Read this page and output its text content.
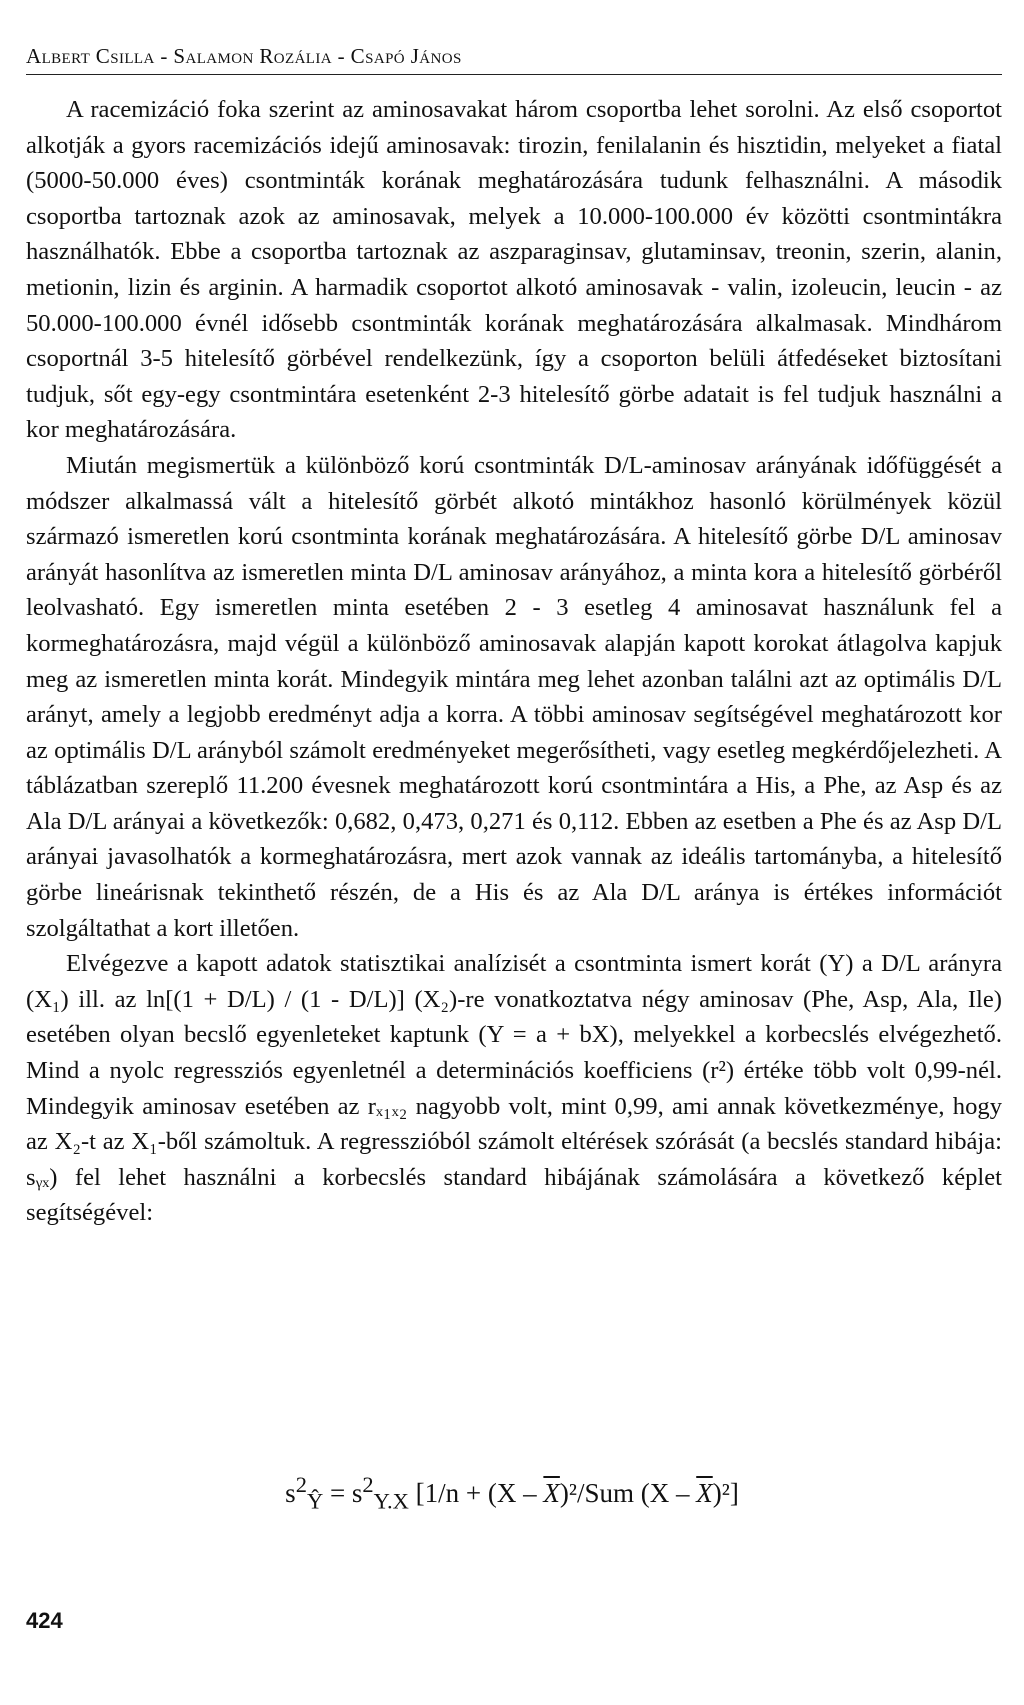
Albert Csilla - Salamon Rozália - Csapó János

A racemizáció foka szerint az aminosavakat három csoportba lehet sorolni. Az első csoportot alkotják a gyors racemizációs idejű aminosavak: tirozin, fenilalanin és hisztidin, melyeket a fiatal (5000-50.000 éves) csontminták korának meghatározására tudunk felhasználni. A második csoportba tartoznak azok az aminosavak, melyek a 10.000-100.000 év közötti csontmintákra használhatók. Ebbe a csoportba tartoznak az aszparaginsav, glutaminsav, treonin, szerin, alanin, metionin, lizin és arginin. A harmadik csoportot alkotó aminosavak - valin, izoleucin, leucin - az 50.000-100.000 évnél idősebb csontminták korának meghatározására alkalmasak. Mindhárom csoportnál 3-5 hitelesítő görbével rendelkezünk, így a csoporton belüli átfedéseket biztosítani tudjuk, sőt egy-egy csontmintára esetenként 2-3 hitelesítő görbe adatait is fel tudjuk használni a kor meghatározására.

Miután megismertük a különböző korú csontminták D/L-aminosav arányának időfüggését a módszer alkalmassá vált a hitelesítő görbét alkotó mintákhoz hasonló körülmények közül származó ismeretlen korú csontminta korának meghatározására. A hitelesítő görbe D/L aminosav arányát hasonlítva az ismeretlen minta D/L aminosav arányához, a minta kora a hitelesítő görbéről leolvasható. Egy ismeretlen minta esetében 2 - 3 esetleg 4 aminosavat használunk fel a kormeghatározásra, majd végül a különböző aminosavak alapján kapott korokat átlagolva kapjuk meg az ismeretlen minta korát. Mindegyik mintára meg lehet azonban találni azt az optimális D/L arányt, amely a legjobb eredményt adja a korra. A többi aminosav segítségével meghatározott kor az optimális D/L arányból számolt eredményeket megerősítheti, vagy esetleg megkérdőjelezheti. A táblázatban szereplő 11.200 évesnek meghatározott korú csontmintára a His, a Phe, az Asp és az Ala D/L arányai a következők: 0,682, 0,473, 0,271 és 0,112. Ebben az esetben a Phe és az Asp D/L arányai javasolhatók a kormeghatározásra, mert azok vannak az ideális tartományba, a hitelesítő görbe lineárisnak tekinthető részén, de a His és az Ala D/L aránya is értékes információt szolgáltathat a kort illetően.

Elvégezve a kapott adatok statisztikai analízisét a csontminta ismert korát (Y) a D/L arányra (X₁) ill. az ln[(1 + D/L) / (1 - D/L)] (X₂)-re vonatkoztatva négy aminosav (Phe, Asp, Ala, Ile) esetében olyan becslő egyenleteket kaptunk (Y = a + bX), melyekkel a korbecslés elvégezhető. Mind a nyolc regressziós egyenletnél a determinációs koefficiens (r²) értéke több volt 0,99-nél. Mindegyik aminosav esetében az rₓ₁ₓ₂ nagyobb volt, mint 0,99, ami annak következménye, hogy az X₂-t az X₁-ből számoltuk. A regresszióból számolt eltérések szórását (a becslés standard hibája: sᵧₓ) fel lehet használni a korbecslés standard hibájának számolására a következő képlet segítségével:

$s^2_Ŷ = s^2_{Y.X}$ [$1/n + (X - \overline{X})^2$/Sum $(X - \overline{X})^2$]
424
